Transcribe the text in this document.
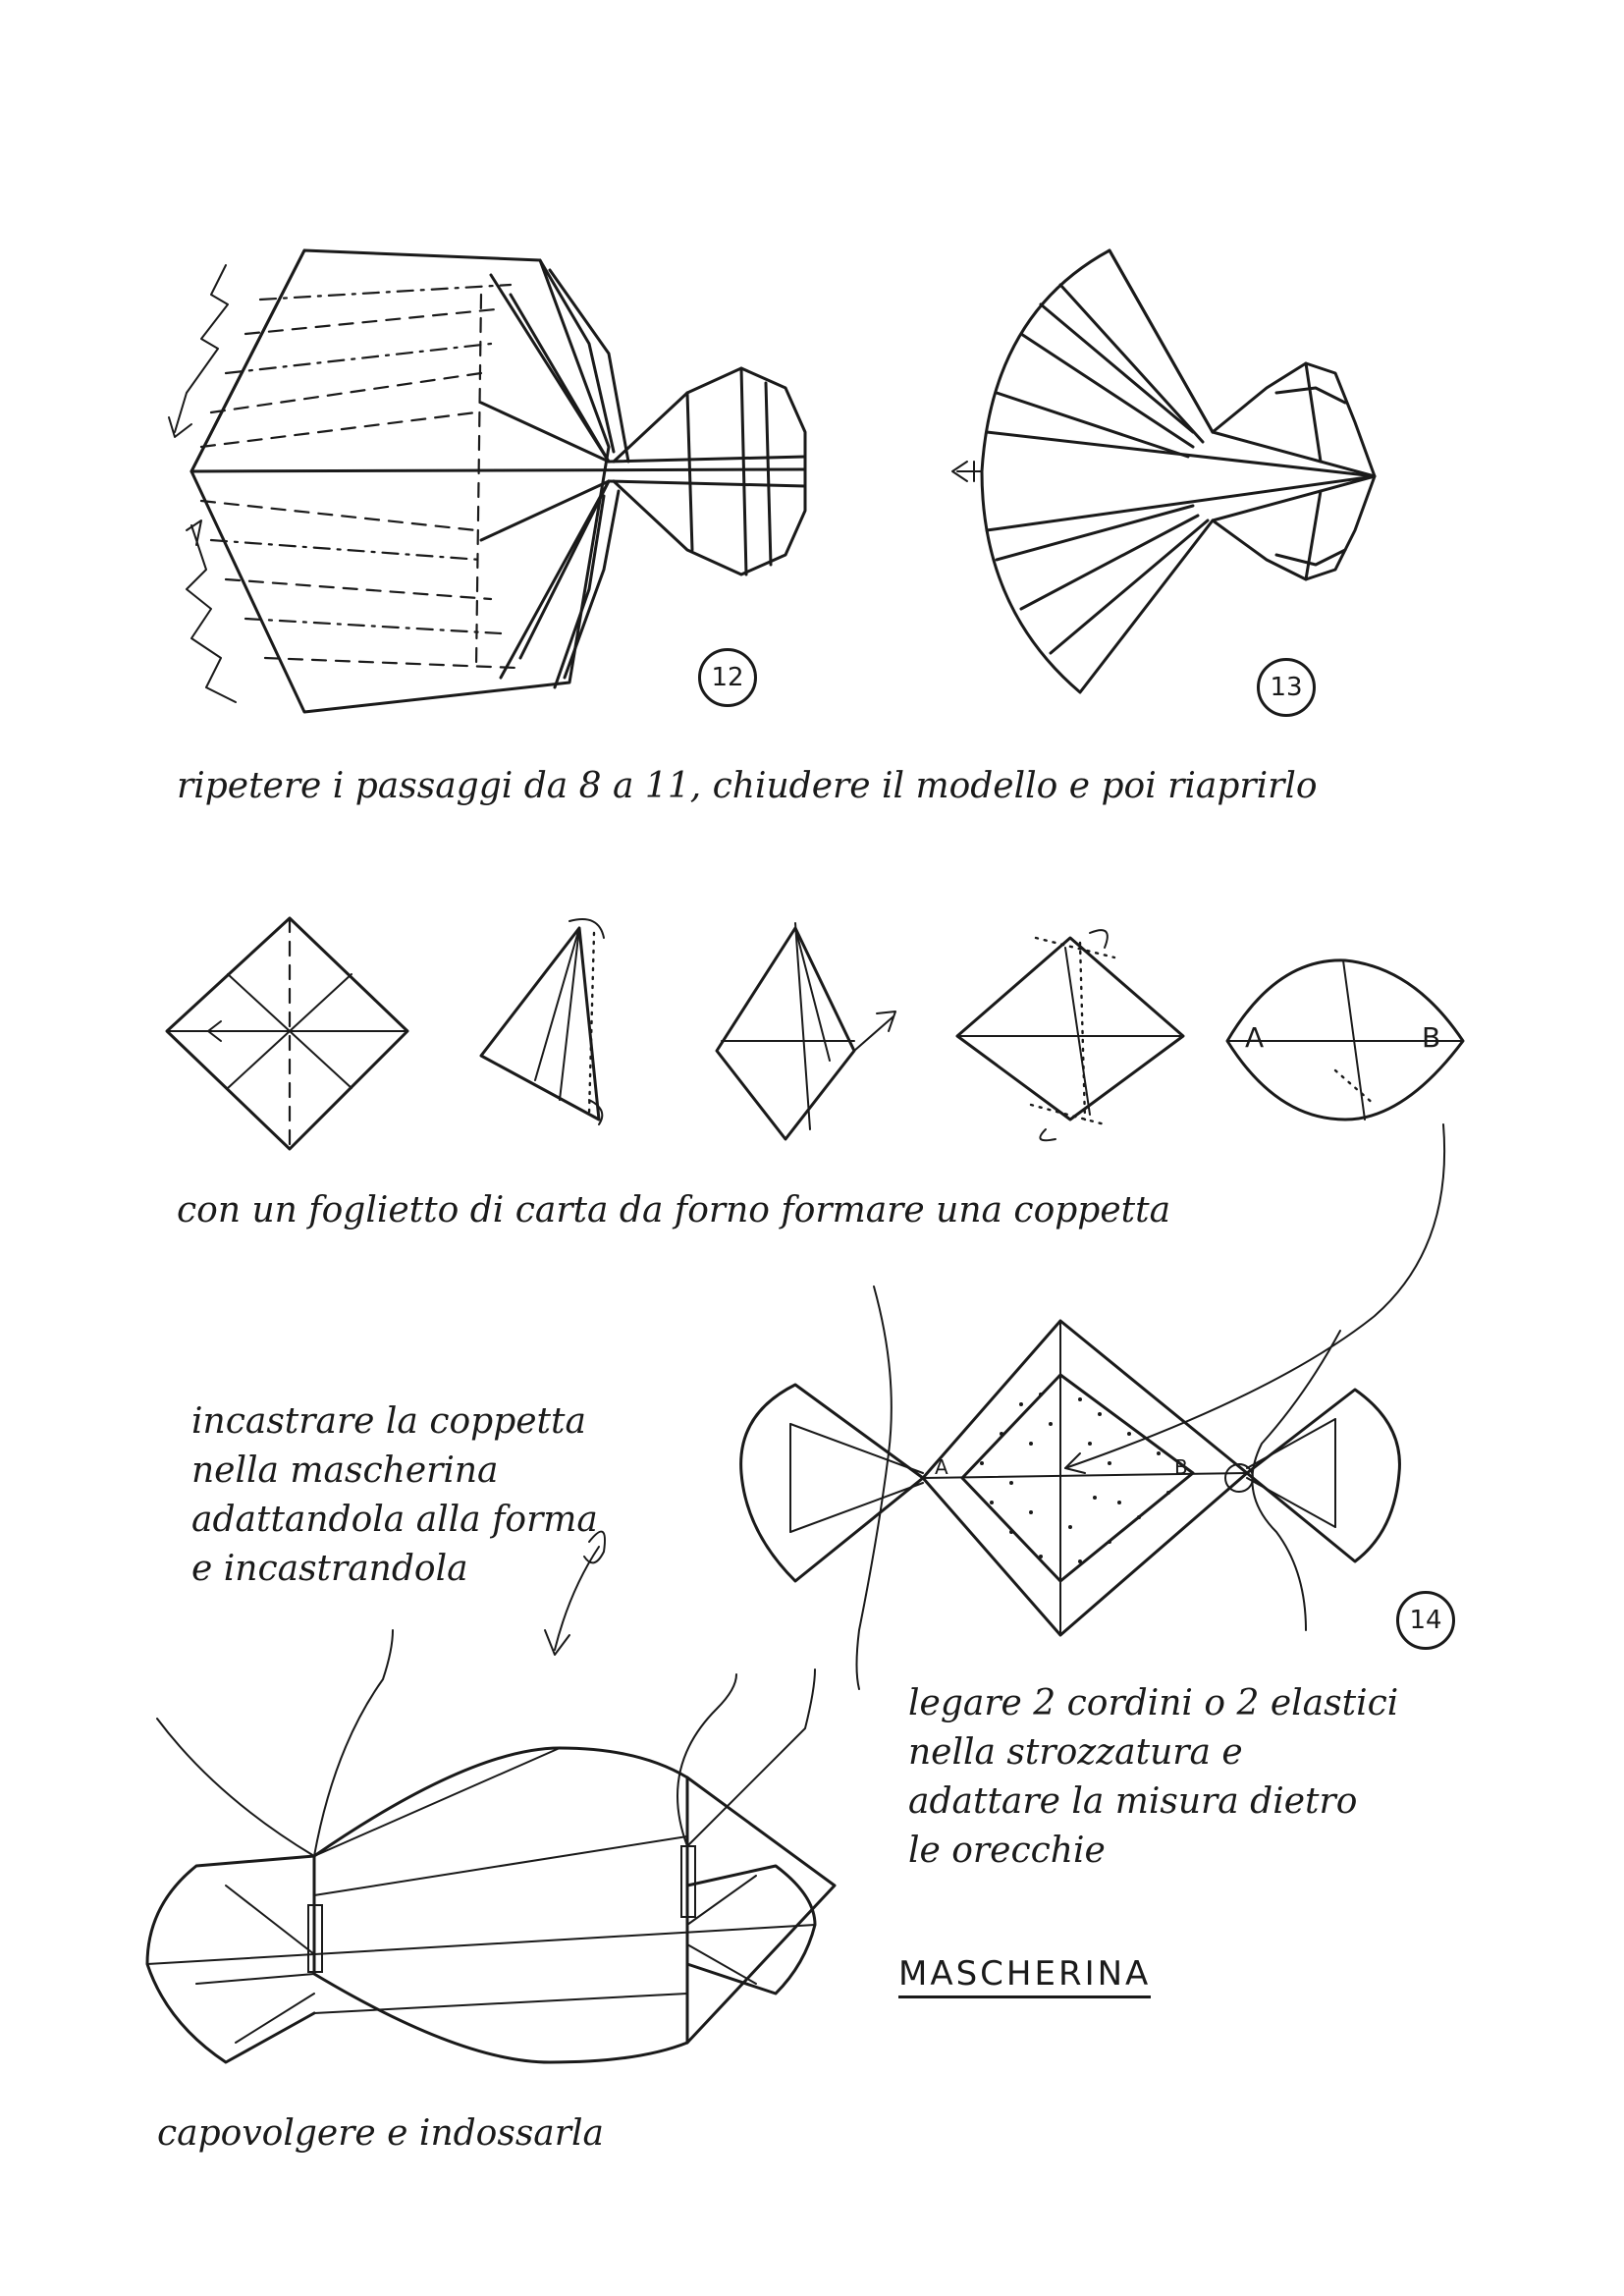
12	13
14
A	B
A	B

ripetere i passaggi da 8 a 11, chiudere il modello e poi riaprirlo

con un foglietto di carta da forno formare una coppetta

incastrare la coppetta

nella mascherina

adattandola alla forma

e incastrandola

legare 2 cordini o 2 elastici

nella strozzatura e

adattare la misura dietro

le orecchie

MASCHERINA

capovolgere e indossarla
